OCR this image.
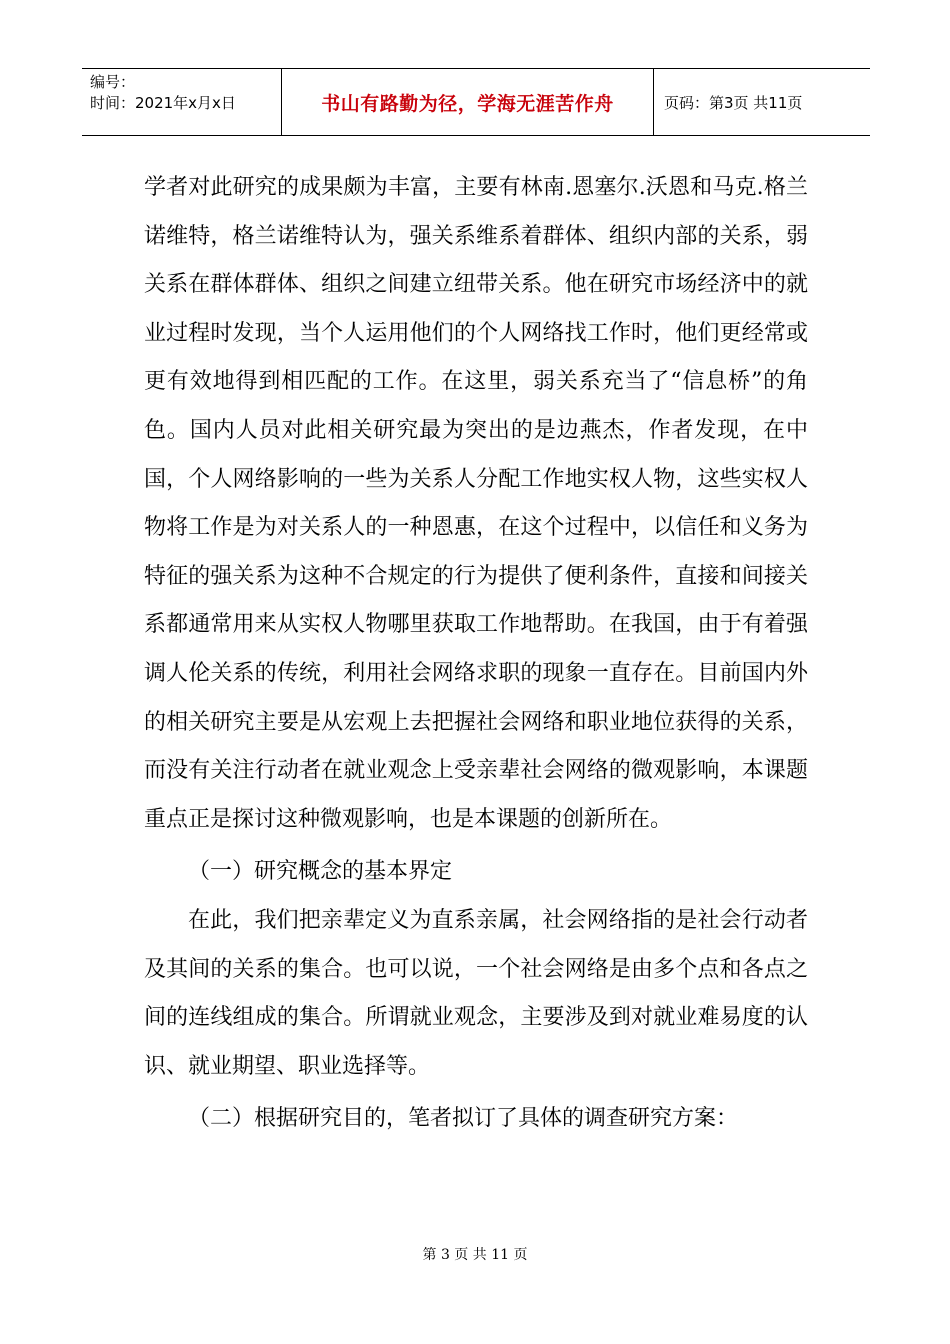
编号：
时间：2021年x月x日	书山有路勤为径，学海无涯苦作舟	页码：第3页 共11页

学者对此研究的成果颇为丰富，主要有林南.恩塞尔.沃恩和马克.格兰诺维特，格兰诺维特认为，强关系维系着群体、组织内部的关系，弱关系在群体群体、组织之间建立纽带关系。他在研究市场经济中的就业过程时发现，当个人运用他们的个人网络找工作时，他们更经常或更有效地得到相匹配的工作。在这里，弱关系充当了“信息桥”的角色。国内人员对此相关研究最为突出的是边燕杰，作者发现，在中国，个人网络影响的一些为关系人分配工作地实权人物，这些实权人物将工作是为对关系人的一种恩惠，在这个过程中，以信任和义务为特征的强关系为这种不合规定的行为提供了便利条件，直接和间接关系都通常用来从实权人物哪里获取工作地帮助。在我国，由于有着强调人伦关系的传统，利用社会网络求职的现象一直存在。目前国内外的相关研究主要是从宏观上去把握社会网络和职业地位获得的关系，而没有关注行动者在就业观念上受亲辈社会网络的微观影响，本课题重点正是探讨这种微观影响，也是本课题的创新所在。

（一）研究概念的基本界定

在此，我们把亲辈定义为直系亲属，社会网络指的是社会行动者及其间的关系的集合。也可以说，一个社会网络是由多个点和各点之间的连线组成的集合。所谓就业观念，主要涉及到对就业难易度的认识、就业期望、职业选择等。

（二）根据研究目的，笔者拟订了具体的调查研究方案：

第 3 页 共 11 页
